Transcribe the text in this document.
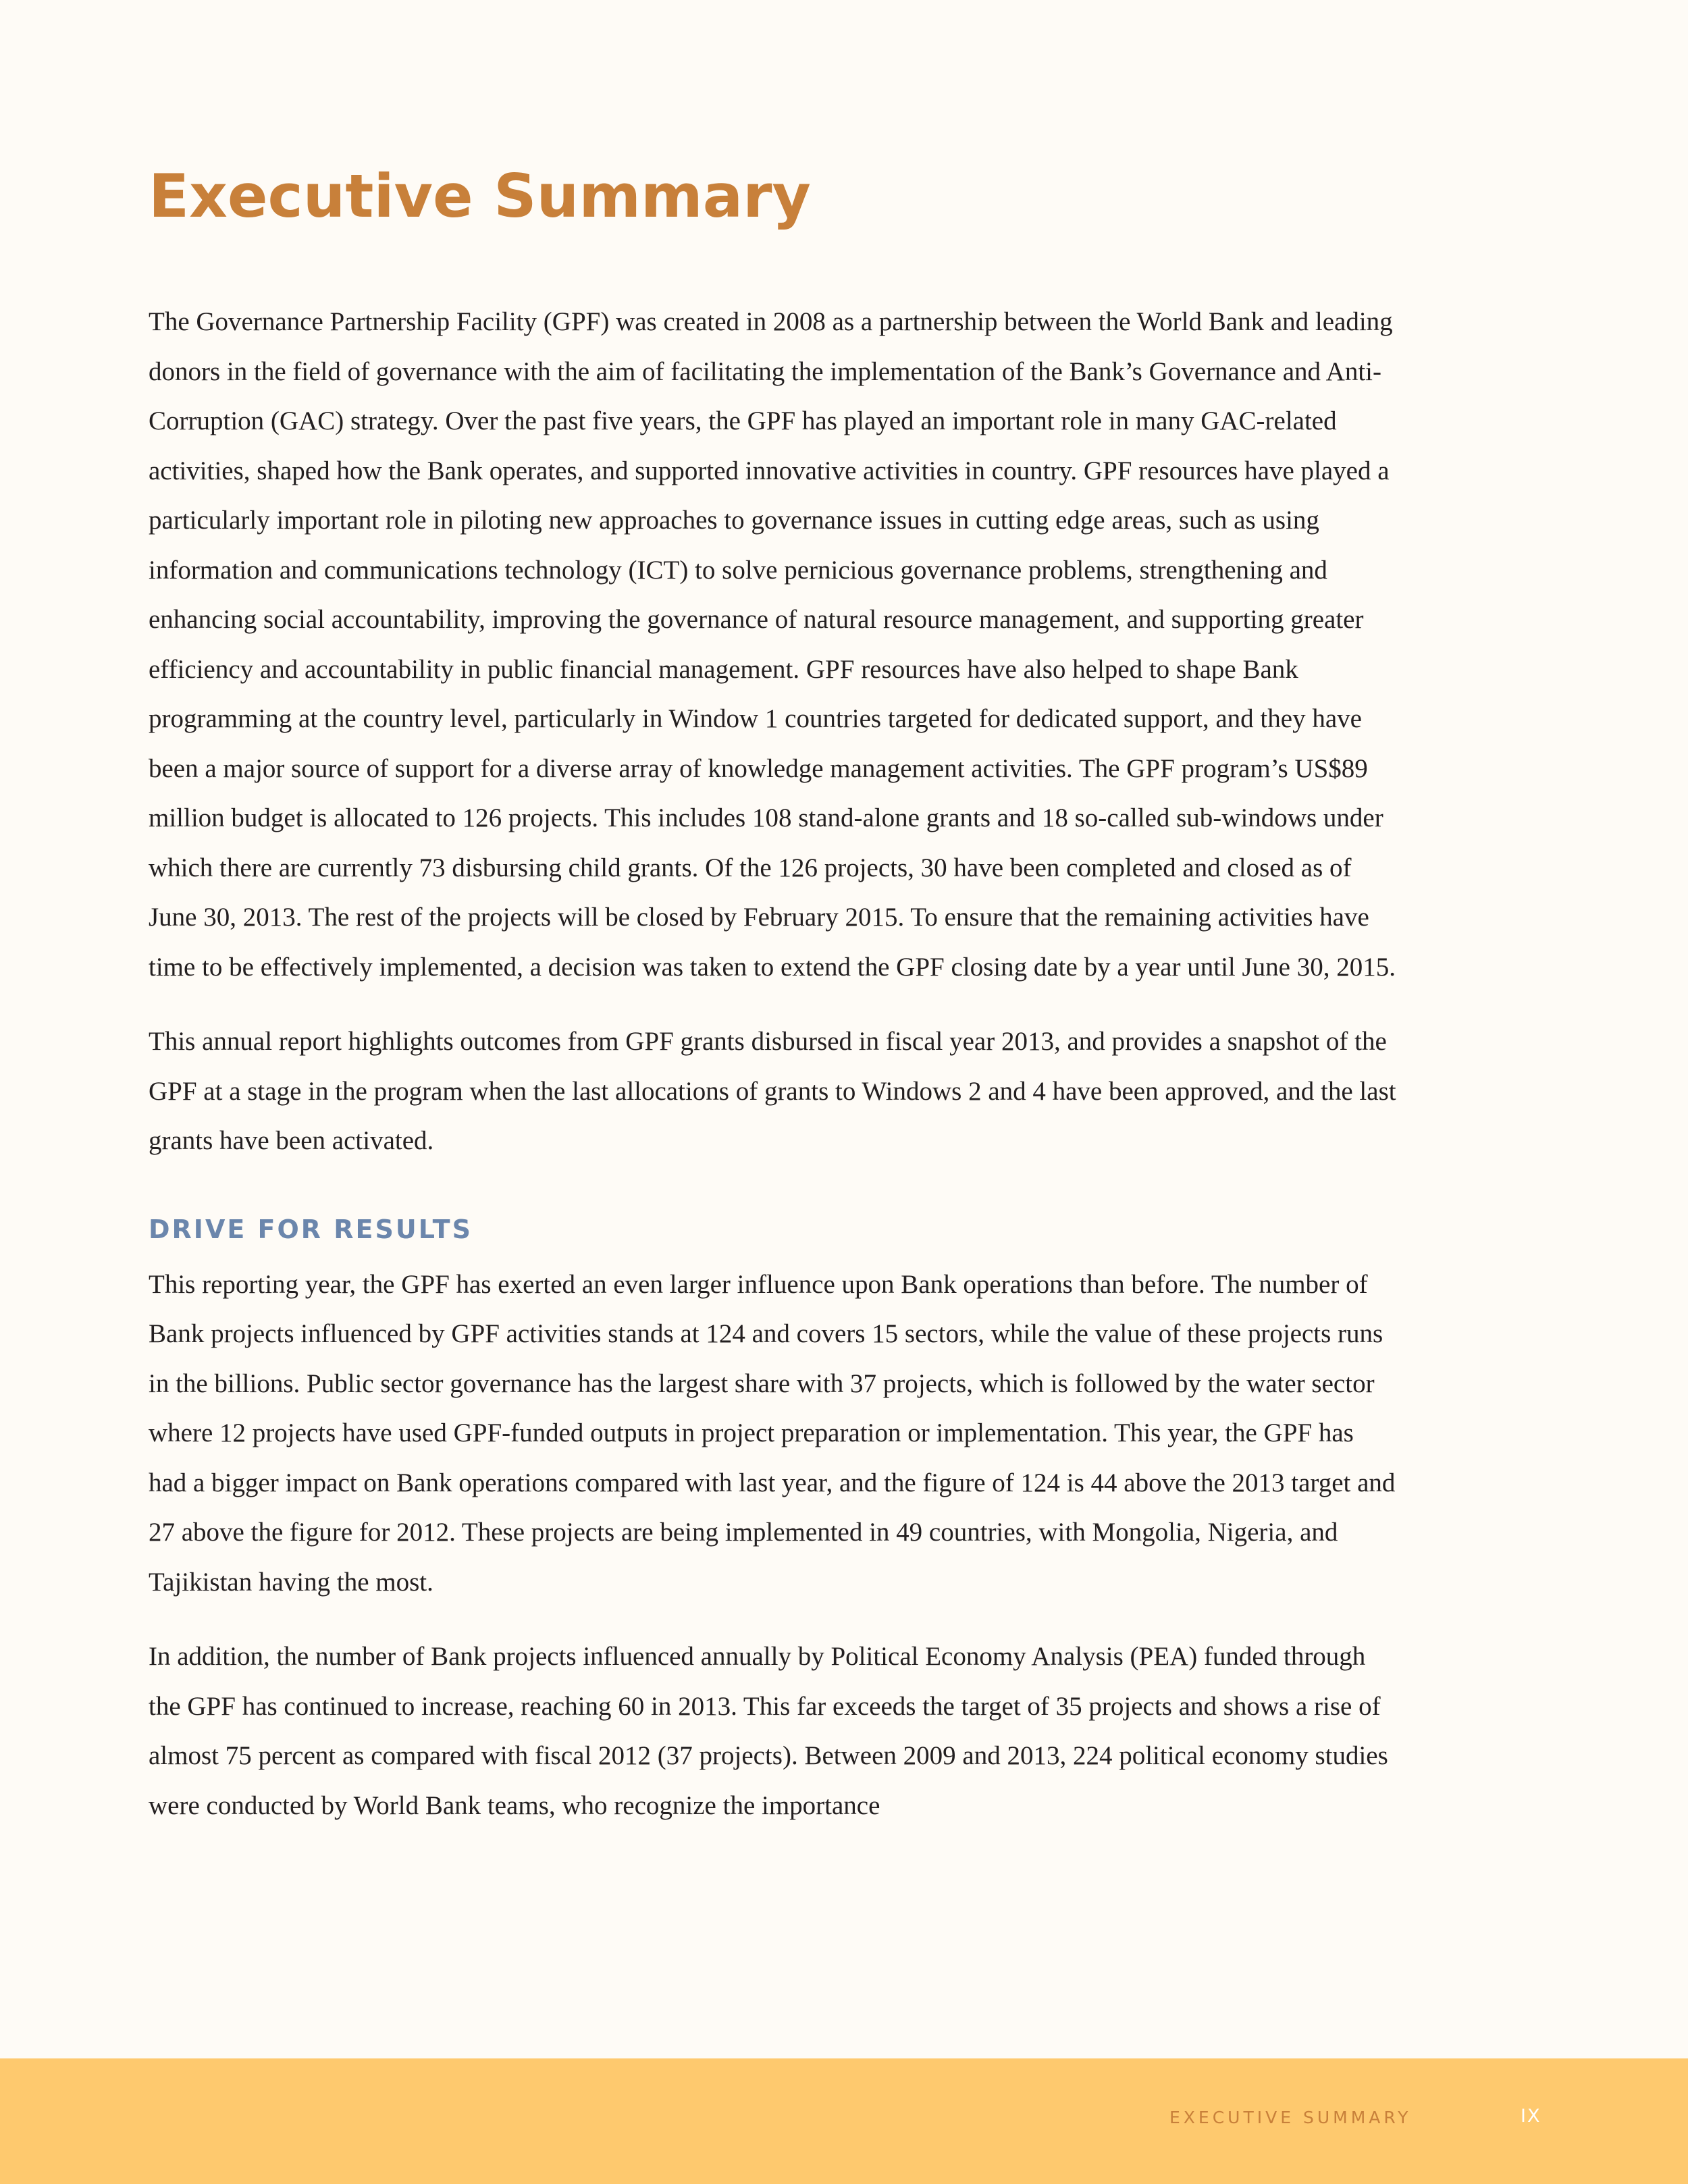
Executive Summary

The Governance Partnership Facility (GPF) was created in 2008 as a partnership between the World Bank and leading donors in the field of governance with the aim of facilitating the implementation of the Bank’s Governance and Anti-Corruption (GAC) strategy. Over the past five years, the GPF has played an important role in many GAC-related activities, shaped how the Bank operates, and supported innovative activities in country. GPF resources have played a particularly important role in piloting new approaches to governance issues in cutting edge areas, such as using information and communications technology (ICT) to solve pernicious governance problems, strengthening and enhancing social accountability, improving the governance of natural resource management, and supporting greater efficiency and accountability in public financial management. GPF resources have also helped to shape Bank programming at the country level, particularly in Window 1 countries targeted for dedicated support, and they have been a major source of support for a diverse array of knowledge management activities. The GPF program’s US$89 million budget is allocated to 126 projects. This includes 108 stand-alone grants and 18 so-called sub-windows under which there are currently 73 disbursing child grants. Of the 126 projects, 30 have been completed and closed as of June 30, 2013. The rest of the projects will be closed by February 2015. To ensure that the remaining activities have time to be effectively implemented, a decision was taken to extend the GPF closing date by a year until June 30, 2015.

This annual report highlights outcomes from GPF grants disbursed in fiscal year 2013, and provides a snapshot of the GPF at a stage in the program when the last allocations of grants to Windows 2 and 4 have been approved, and the last grants have been activated.

DRIVE FOR RESULTS

This reporting year, the GPF has exerted an even larger influence upon Bank operations than before. The number of Bank projects influenced by GPF activities stands at 124 and covers 15 sectors, while the value of these projects runs in the billions. Public sector governance has the largest share with 37 projects, which is followed by the water sector where 12 projects have used GPF-funded outputs in project preparation or implementation. This year, the GPF has had a bigger impact on Bank operations compared with last year, and the figure of 124 is 44 above the 2013 target and 27 above the figure for 2012. These projects are being implemented in 49 countries, with Mongolia, Nigeria, and Tajikistan having the most.

In addition, the number of Bank projects influenced annually by Political Economy Analysis (PEA) funded through the GPF has continued to increase, reaching 60 in 2013. This far exceeds the target of 35 projects and shows a rise of almost 75 percent as compared with fiscal 2012 (37 projects). Between 2009 and 2013, 224 political economy studies were conducted by World Bank teams, who recognize the importance

EXECUTIVE SUMMARY	IX
